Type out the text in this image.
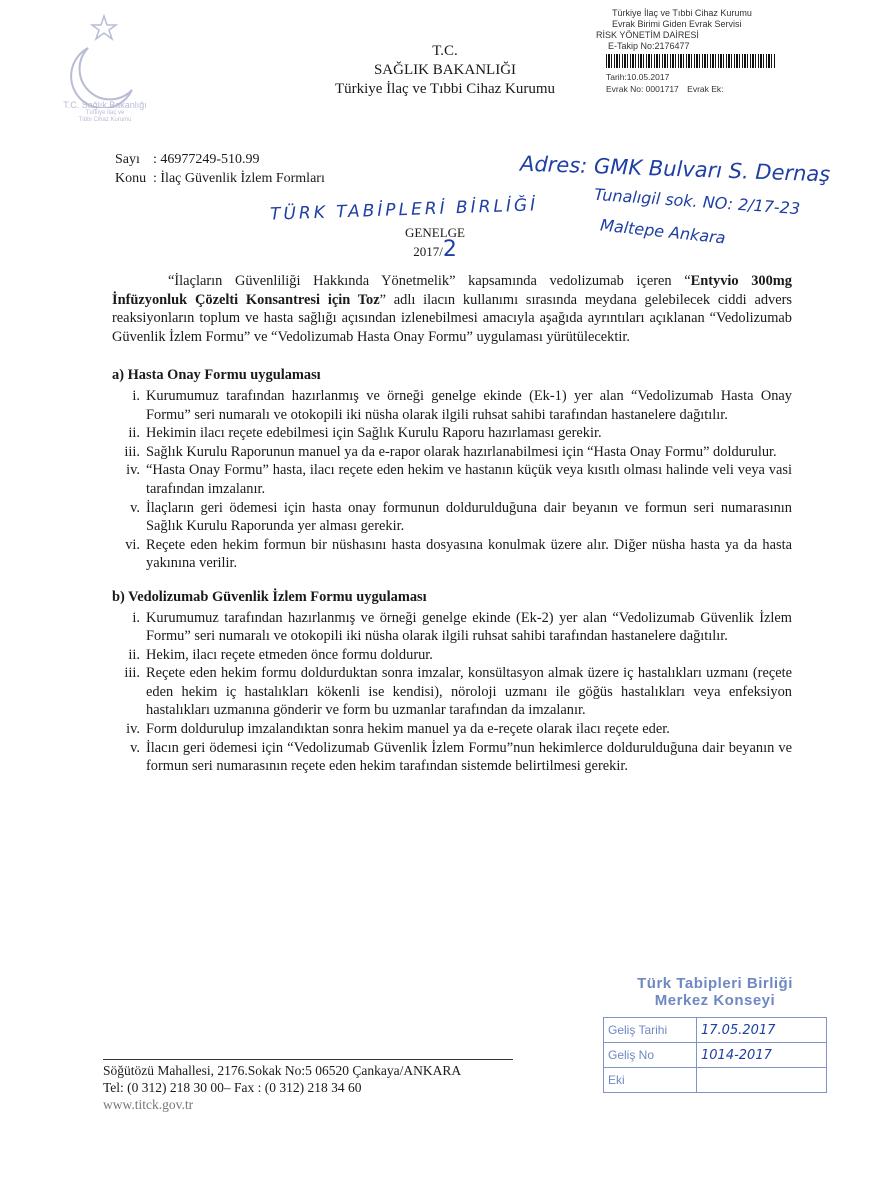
T.C. Sağlık Bakanlığı
Türkiye İlaç ve
Tıbbi Cihaz Kurumu
T.C.
SAĞLIK BAKANLIĞI
Türkiye İlaç ve Tıbbi Cihaz Kurumu
Türkiye İlaç ve Tıbbi Cihaz Kurumu
Evrak Birimi Giden Evrak Servisi
RİSK YÖNETİM DAİRESİ
E-Takip No:2176477
Tarih:10.05.2017
Evrak No: 0001717 Evrak Ek:
Sayı : 46977249-510.99
Konu : İlaç Güvenlik İzlem Formları	Adres: GMK Bulvarı S. Dernaş
TÜRK TABİPLERİ BİRLİĞİ	Tunalıgil sok. NO: 2/17-23
Maltepe Ankara
GENELGE
2017/2

“İlaçların Güvenliliği Hakkında Yönetmelik” kapsamında vedolizumab içeren “Entyvio 300mg İnfüzyonluk Çözelti Konsantresi için Toz” adlı ilacın kullanımı sırasında meydana gelebilecek ciddi advers reaksiyonların toplum ve hasta sağlığı açısından izlenebilmesi amacıyla aşağıda ayrıntıları açıklanan “Vedolizumab Güvenlik İzlem Formu” ve “Vedolizumab Hasta Onay Formu” uygulaması yürütülecektir.

a) Hasta Onay Formu uygulaması
i. Kurumumuz tarafından hazırlanmış ve örneği genelge ekinde (Ek-1) yer alan “Vedolizumab Hasta Onay Formu” seri numaralı ve otokopili iki nüsha olarak ilgili ruhsat sahibi tarafından hastanelere dağıtılır.
ii. Hekimin ilacı reçete edebilmesi için Sağlık Kurulu Raporu hazırlaması gerekir.
iii. Sağlık Kurulu Raporunun manuel ya da e-rapor olarak hazırlanabilmesi için “Hasta Onay Formu” doldurulur.
iv. “Hasta Onay Formu” hasta, ilacı reçete eden hekim ve hastanın küçük veya kısıtlı olması halinde veli veya vasi tarafından imzalanır.
v. İlaçların geri ödemesi için hasta onay formunun doldurulduğuna dair beyanın ve formun seri numarasının Sağlık Kurulu Raporunda yer alması gerekir.
vi. Reçete eden hekim formun bir nüshasını hasta dosyasına konulmak üzere alır. Diğer nüsha hasta ya da hasta yakınına verilir.
b) Vedolizumab Güvenlik İzlem Formu uygulaması
i. Kurumumuz tarafından hazırlanmış ve örneği genelge ekinde (Ek-2) yer alan “Vedolizumab Güvenlik İzlem Formu” seri numaralı ve otokopili iki nüsha olarak ilgili ruhsat sahibi tarafından hastanelere dağıtılır.
ii. Hekim, ilacı reçete etmeden önce formu doldurur.
iii. Reçete eden hekim formu doldurduktan sonra imzalar, konsültasyon almak üzere iç hastalıkları uzmanı (reçete eden hekim iç hastalıkları kökenli ise kendisi), nöroloji uzmanı ile göğüs hastalıkları veya enfeksiyon hastalıkları uzmanına gönderir ve form bu uzmanlar tarafından da imzalanır.
iv. Form doldurulup imzalandıktan sonra hekim manuel ya da e-reçete olarak ilacı reçete eder.
v. İlacın geri ödemesi için “Vedolizumab Güvenlik İzlem Formu”nun hekimlerce doldurulduğuna dair beyanın ve formun seri numarasının reçete eden hekim tarafından sistemde belirtilmesi gerekir.
Türk Tabipleri Birliği
Merkez Konseyi
Geliş Tarihi	17.05.2017
Geliş No	1014-2017
Eki	
Söğütözü Mahallesi, 2176.Sokak No:5 06520 Çankaya/ANKARA
Tel: (0 312) 218 30 00– Fax : (0 312) 218 34 60
www.titck.gov.tr
